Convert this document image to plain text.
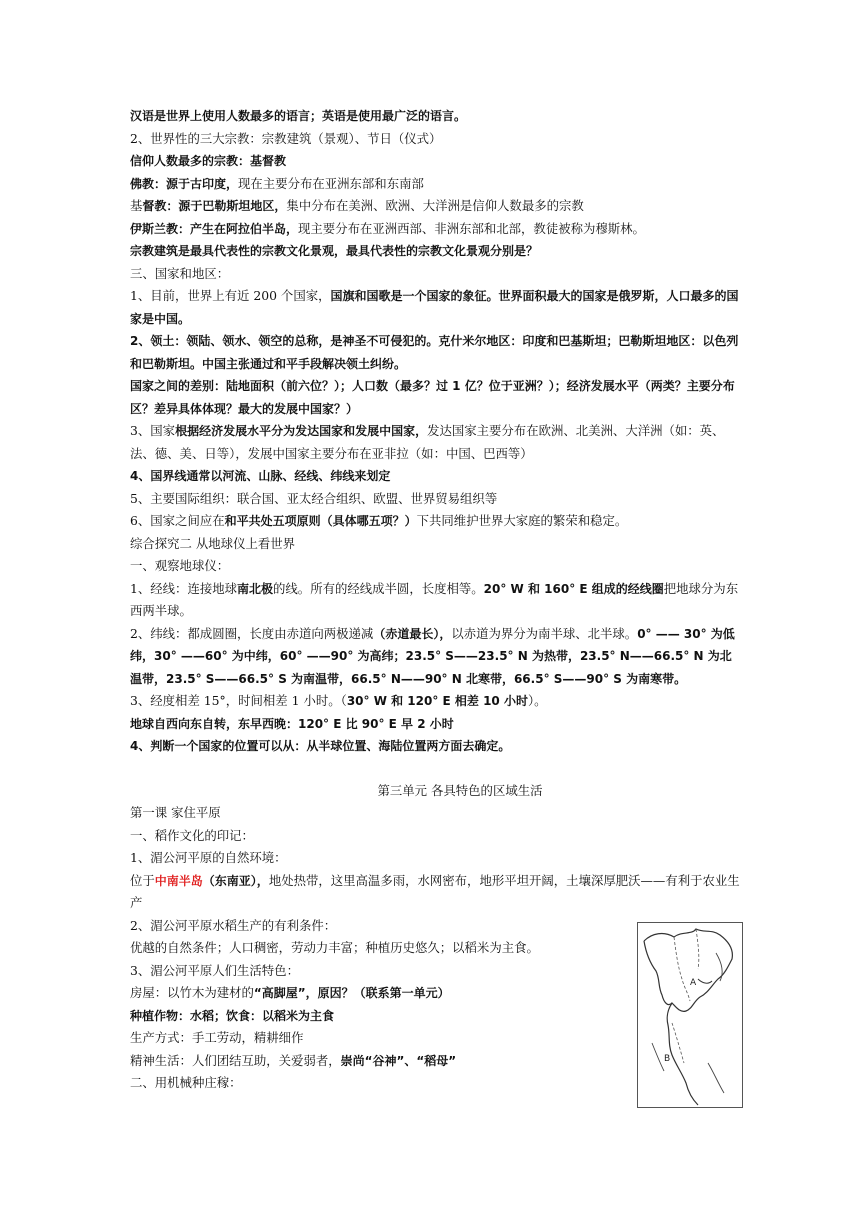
汉语是世界上使用人数最多的语言；英语是使用最广泛的语言。
2、世界性的三大宗教：宗教建筑（景观）、节日（仪式）
信仰人数最多的宗教：基督教
佛教：源于古印度，现在主要分布在亚洲东部和东南部
基督教：源于巴勒斯坦地区，集中分布在美洲、欧洲、大洋洲是信仰人数最多的宗教
伊斯兰教：产生在阿拉伯半岛，现主要分布在亚洲西部、非洲东部和北部，教徒被称为穆斯林。
宗教建筑是最具代表性的宗教文化景观，最具代表性的宗教文化景观分别是？
三、国家和地区：
1、目前，世界上有近 200 个国家，国旗和国歌是一个国家的象征。世界面积最大的国家是俄罗斯，人口最多的国家是中国。
2、领土：领陆、领水、领空的总称，是神圣不可侵犯的。克什米尔地区：印度和巴基斯坦；巴勒斯坦地区：以色列和巴勒斯坦。中国主张通过和平手段解决领土纠纷。
国家之间的差别：陆地面积（前六位？）；人口数（最多？过 1 亿？位于亚洲？）；经济发展水平（两类？主要分布区？差异具体体现？最大的发展中国家？）
3、国家根据经济发展水平分为发达国家和发展中国家，发达国家主要分布在欧洲、北美洲、大洋洲（如：英、法、德、美、日等），发展中国家主要分布在亚非拉（如：中国、巴西等）
4、国界线通常以河流、山脉、经线、纬线来划定
5、主要国际组织：联合国、亚太经合组织、欧盟、世界贸易组织等
6、国家之间应在和平共处五项原则（具体哪五项？）下共同维护世界大家庭的繁荣和稳定。
综合探究二 从地球仪上看世界
一、观察地球仪：
1、经线：连接地球南北极的线。所有的经线成半圆，长度相等。20° W 和 160° E 组成的经线圈把地球分为东西两半球。
2、纬线：都成圆圈，长度由赤道向两极递减（赤道最长），以赤道为界分为南半球、北半球。0° —— 30° 为低纬，30° ——60° 为中纬，60° ——90° 为高纬；23.5° S——23.5° N 为热带，23.5° N——66.5° N 为北温带，23.5° S——66.5° S 为南温带，66.5° N——90° N 北寒带，66.5° S——90° S 为南寒带。
3、经度相差 15°，时间相差 1 小时。（30° W 和 120° E 相差 10 小时）。
地球自西向东自转，东早西晚：120° E 比 90° E 早 2 小时
4、判断一个国家的位置可以从：从半球位置、海陆位置两方面去确定。
第三单元 各具特色的区域生活
第一课 家住平原
一、稻作文化的印记：
1、湄公河平原的自然环境：
位于中南半岛（东南亚），地处热带，这里高温多雨，水网密布，地形平坦开阔，土壤深厚肥沃——有利于农业生产
2、湄公河平原水稻生产的有利条件：
优越的自然条件；人口稠密，劳动力丰富；种植历史悠久；以稻米为主食。
3、湄公河平原人们生活特色：
房屋：以竹木为建材的“高脚屋”，原因？（联系第一单元）
种植作物：水稻；饮食：以稻米为主食
生产方式：手工劳动，精耕细作
精神生活：人们团结互助，关爱弱者，崇尚“谷神”、“稻母”
二、用机械种庄稼：
A
B
